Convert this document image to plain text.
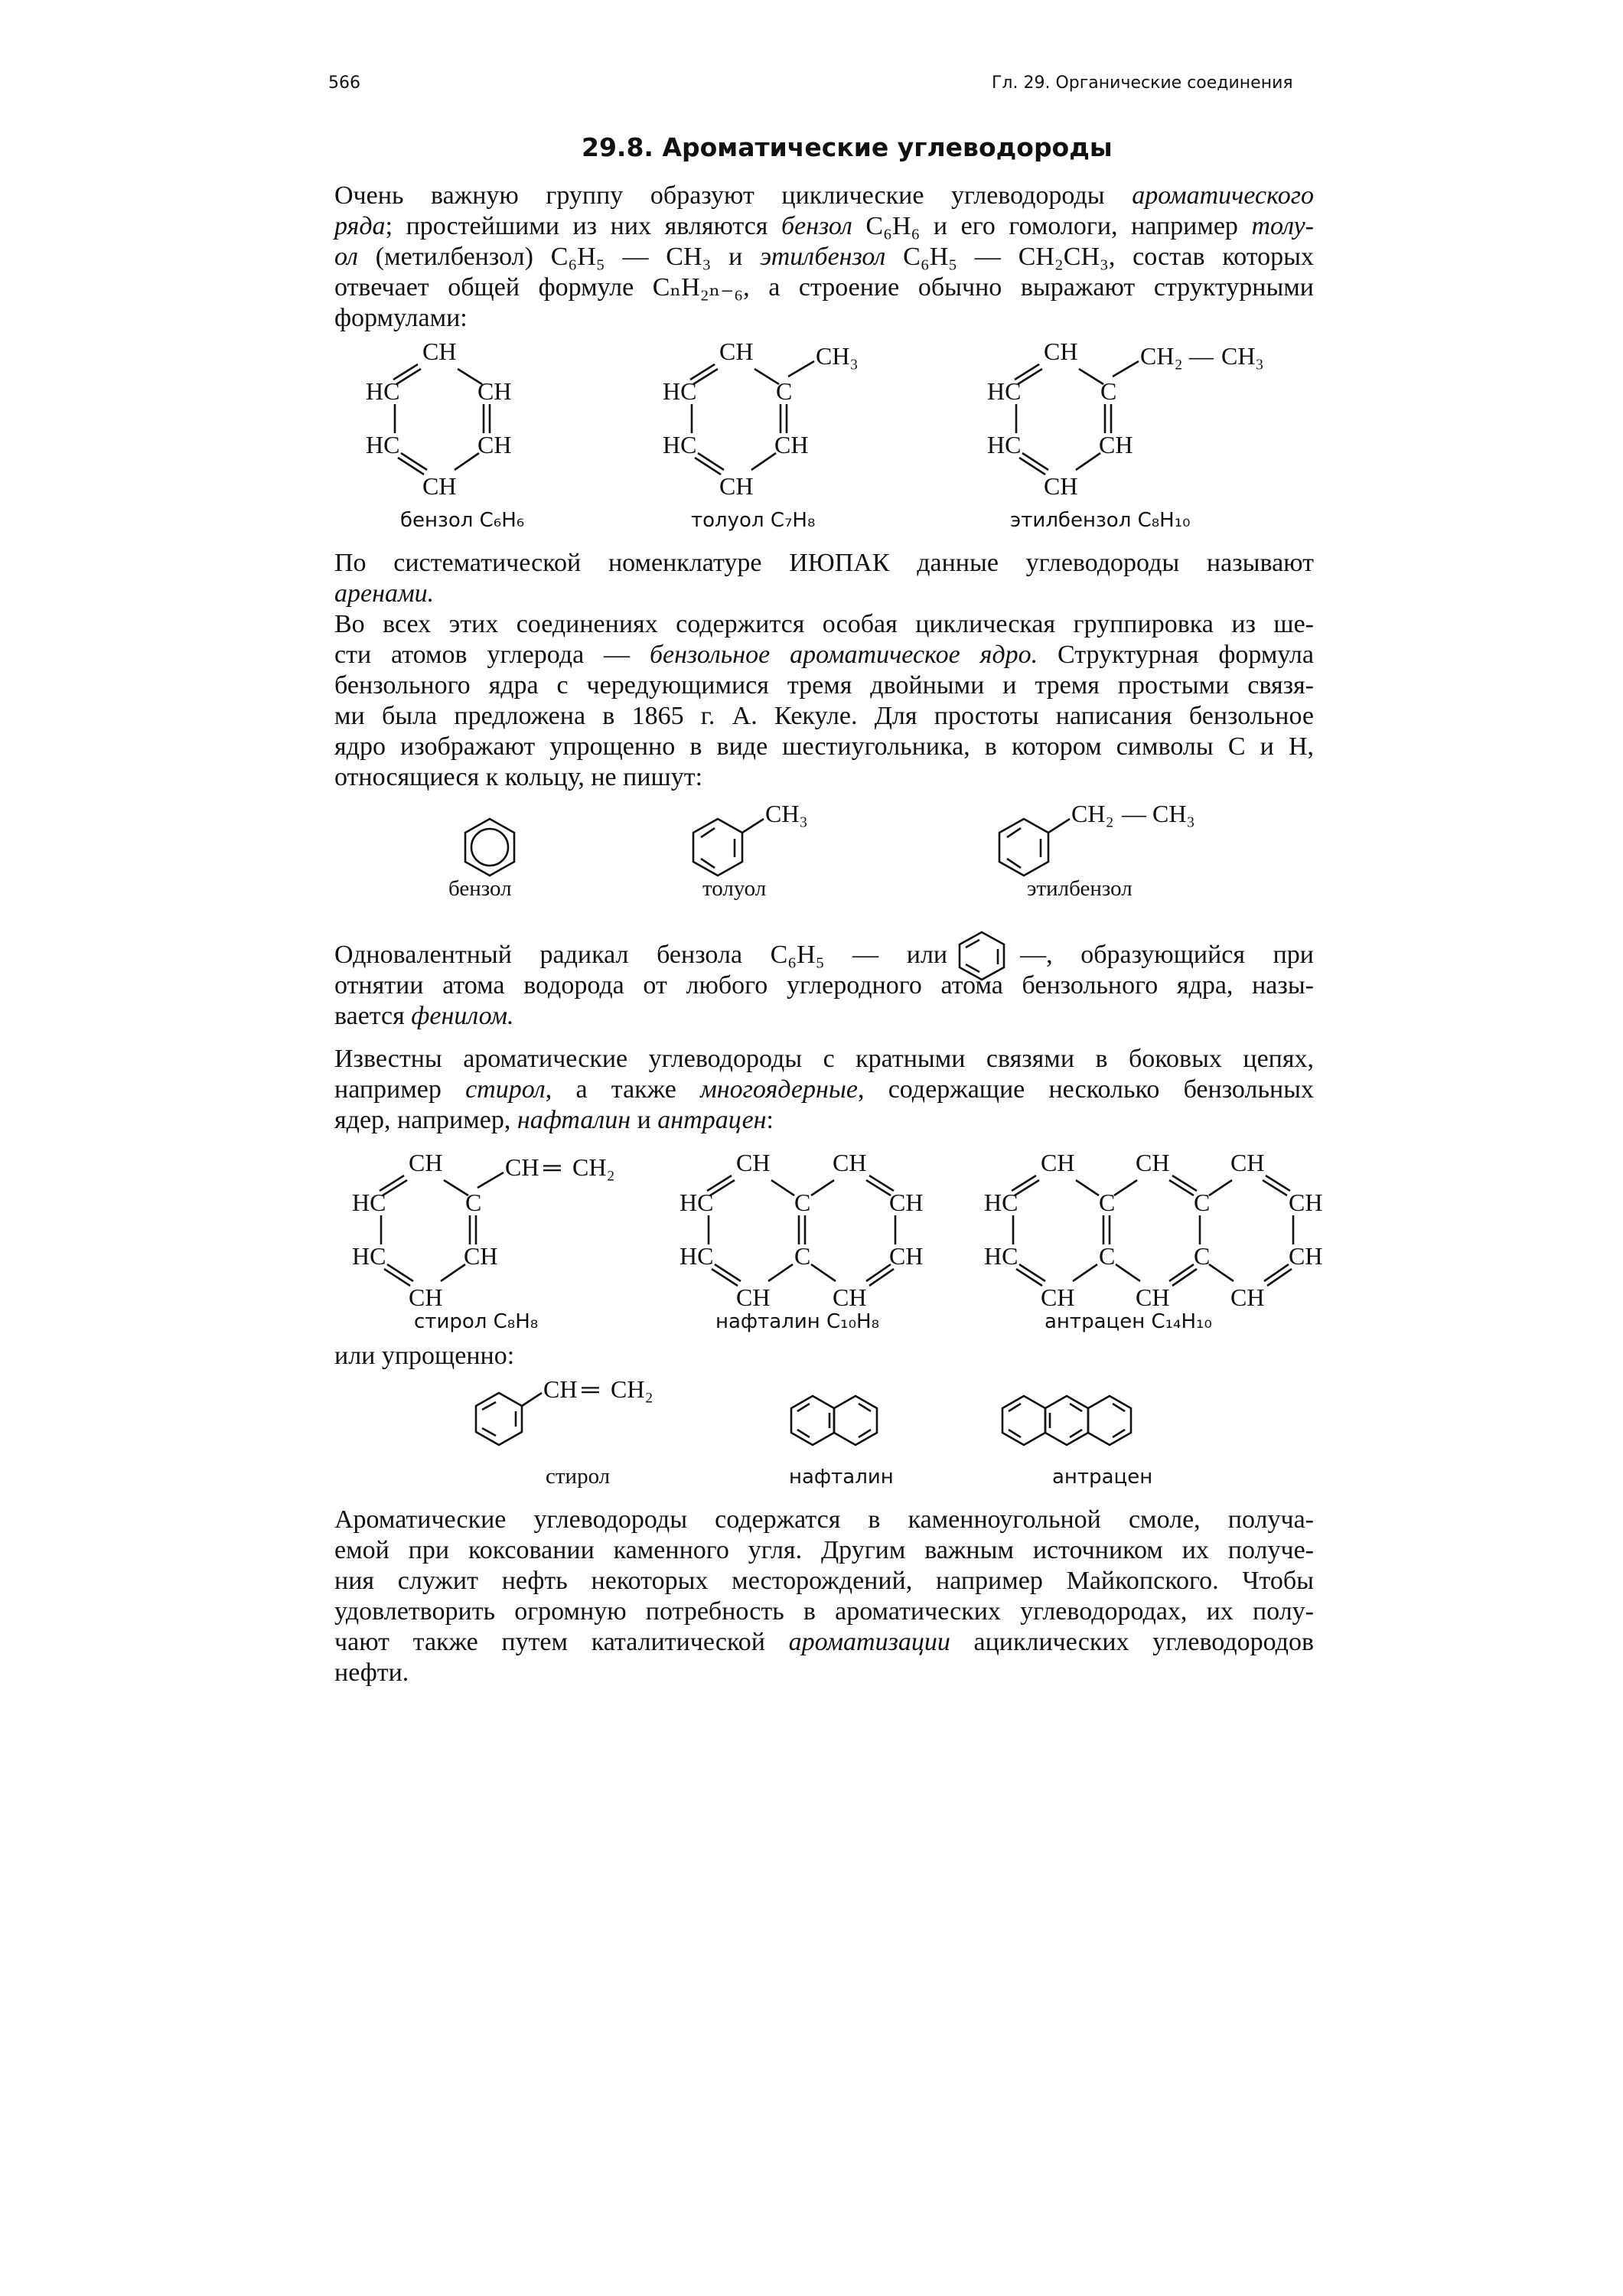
566	Гл. 29. Органические соединения
29.8. Ароматические углеводороды
Очень важную группу образуют циклические углеводороды ароматического
ряда; простейшими из них являются бензол C₆H₆ и его гомологи, например толу-
ол (метилбензол) C₆H₅ — CH₃ и этилбензол C₆H₅ — CH₂CH₃, состав которых
отвечает общей формуле CₙH₂ₙ₋₆, а строение обычно выражают структурными
формулами:
CH
HC	CH
HC	CH
CH
CH
HC	C
CH₃
HC	CH
CH
CH
HC	C
CH₂ — CH₃
HC	CH
CH
бензол C₆H₆	толуол C₇H₈	этилбензол C₈H₁₀
По систематической номенклатуре ИЮПАК данные углеводороды называют
аренами.
Во всех этих соединениях содержится особая циклическая группировка из ше-
сти атомов углерода — бензольное ароматическое ядро. Структурная формула
бензольного ядра с чередующимися тремя двойными и тремя простыми связя-
ми была предложена в 1865 г. А. Кекуле. Для простоты написания бензольное
ядро изображают упрощенно в виде шестиугольника, в котором символы С и Н,
относящиеся к кольцу, не пишут:
CH₃	CH₂ — CH₃
бензол	толуол	этилбензол
Одновалентный радикал бензола C₆H₅ — или	—, образующийся при
отнятии атома водорода от любого углеродного атома бензольного ядра, назы-
вается фенилом.
Известны ароматические углеводороды с кратными связями в боковых цепях,
например стирол, а также многоядерные, содержащие несколько бензольных
ядер, например, нафталин и антрацен:
CH
HC	C
CH ═ CH₂
HC	CH
CH
CH	CH
HC	C	CH
HC	C	CH
CH	CH
CH CH CH
HC	C	C	CH
HC	C	C	CH
CH CH CH
стирол C₈H₈	нафталин C₁₀H₈	антрацен C₁₄H₁₀
или упрощенно:
CH ═ CH₂
стирол	нафталин	антрацен
Ароматические углеводороды содержатся в каменноугольной смоле, получа-
емой при коксовании каменного угля. Другим важным источником их получе-
ния служит нефть некоторых месторождений, например Майкопского. Чтобы
удовлетворить огромную потребность в ароматических углеводородах, их полу-
чают также путем каталитической ароматизации ациклических углеводородов
нефти.
